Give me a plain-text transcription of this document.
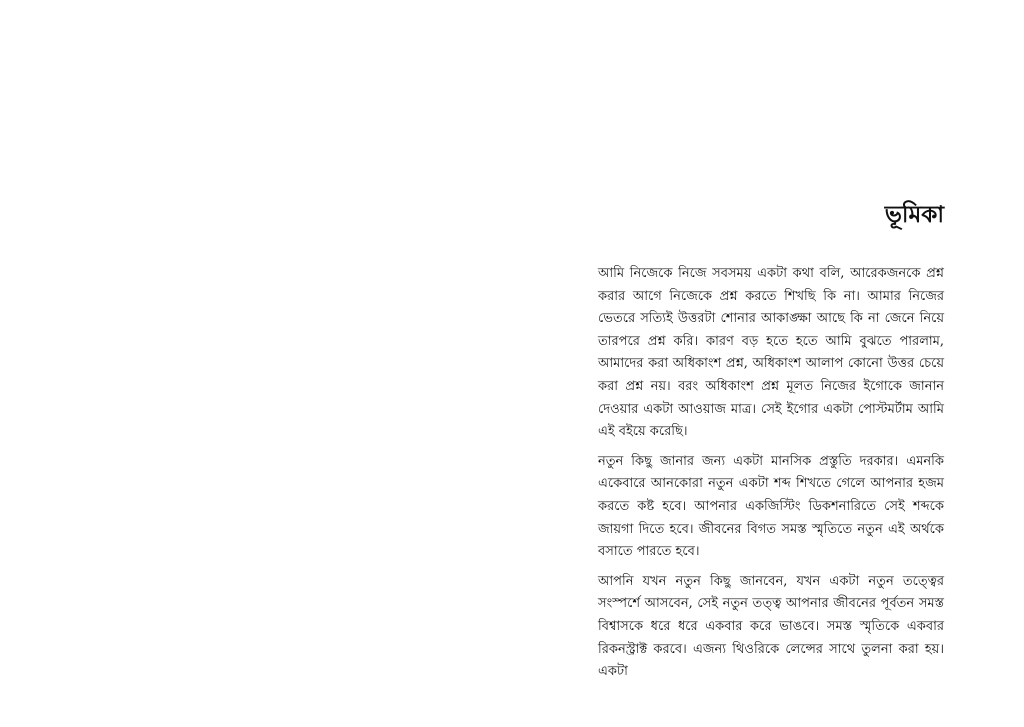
ভূমিকা

আমি নিজেকে নিজে সবসময় একটা কথা বলি, আরেকজনকে প্রশ্ন করার আগে নিজেকে প্রশ্ন করতে শিখছি কি না। আমার নিজের ভেতরে সত্যিই উত্তরটা শোনার আকাঙ্ক্ষা আছে কি না জেনে নিয়ে তারপরে প্রশ্ন করি। কারণ বড় হতে হতে আমি বুঝতে পারলাম, আমাদের করা অধিকাংশ প্রশ্ন, অধিকাংশ আলাপ কোনো উত্তর চেয়ে করা প্রশ্ন নয়। বরং অধিকাংশ প্রশ্ন মূলত নিজের ইগোকে জানান দেওয়ার একটা আওয়াজ মাত্র। সেই ইগোর একটা পোস্টমর্টাম আমি এই বইয়ে করেছি।

নতুন কিছু জানার জন্য একটা মানসিক প্রস্তুতি দরকার। এমনকি একেবারে আনকোরা নতুন একটা শব্দ শিখতে গেলে আপনার হজম করতে কষ্ট হবে। আপনার একজিস্টিং ডিকশনারিতে সেই শব্দকে জায়গা দিতে হবে। জীবনের বিগত সমস্ত স্মৃতিতে নতুন এই অর্থকে বসাতে পারতে হবে।

আপনি যখন নতুন কিছু জানবেন, যখন একটা নতুন তত্ত্বের সংস্পর্শে আসবেন, সেই নতুন তত্ত্ব আপনার জীবনের পূর্বতন সমস্ত বিশ্বাসকে ধরে ধরে একবার করে ভাঙবে। সমস্ত স্মৃতিকে একবার রিকনস্ট্রাক্ট করবে। এজন্য থিওরিকে লেন্সের সাথে তুলনা করা হয়। একটা
